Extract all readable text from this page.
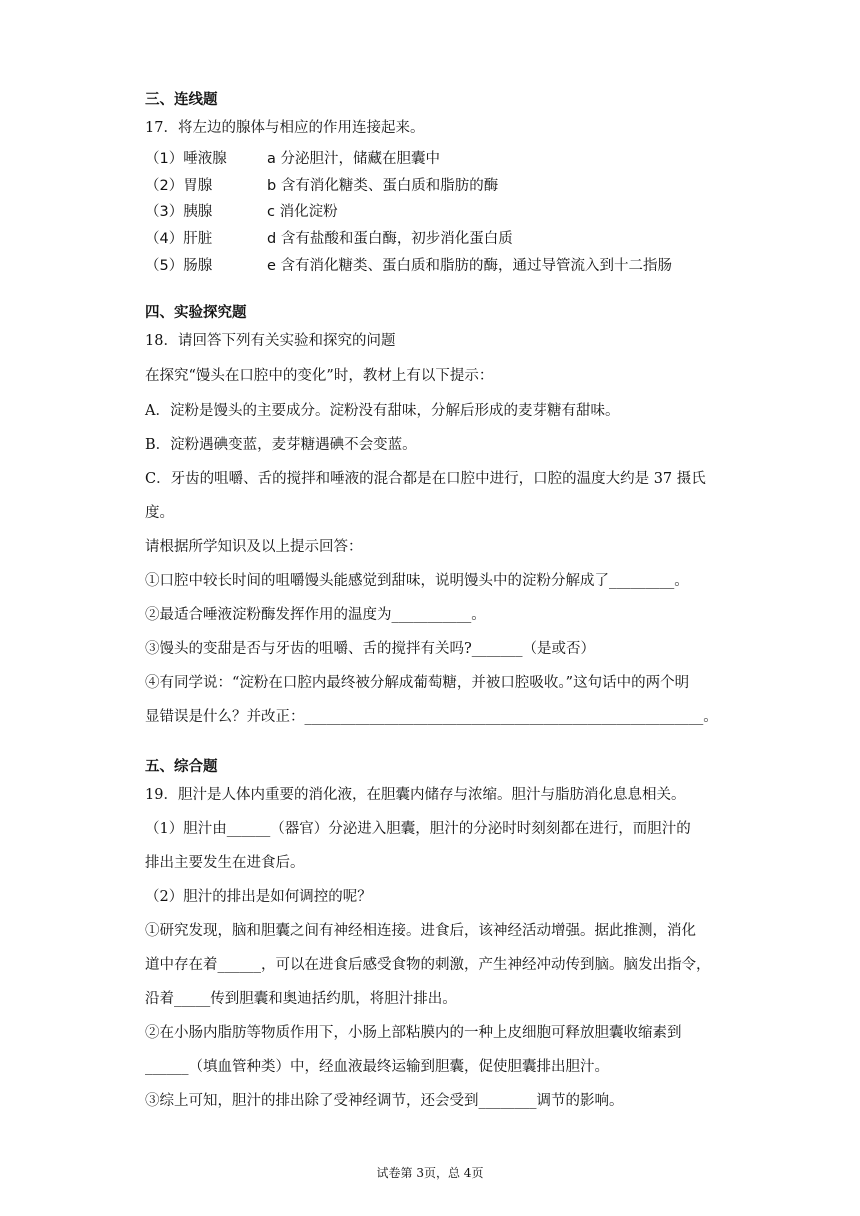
三、连线题
17．将左边的腺体与相应的作用连接起来。
（1）唾液腺	a 分泌胆汁，储藏在胆囊中
（2）胃腺	b 含有消化糖类、蛋白质和脂肪的酶
（3）胰腺	c 消化淀粉
（4）肝脏	d 含有盐酸和蛋白酶，初步消化蛋白质
（5）肠腺	e 含有消化糖类、蛋白质和脂肪的酶，通过导管流入到十二指肠
四、实验探究题
18．请回答下列有关实验和探究的问题
在探究“馒头在口腔中的变化”时，教材上有以下提示：
A．淀粉是馒头的主要成分。淀粉没有甜味，分解后形成的麦芽糖有甜味。
B．淀粉遇碘变蓝，麦芽糖遇碘不会变蓝。
C．牙齿的咀嚼、舌的搅拌和唾液的混合都是在口腔中进行，口腔的温度大约是 37 摄氏
度。
请根据所学知识及以上提示回答：
①口腔中较长时间的咀嚼馒头能感觉到甜味，说明馒头中的淀粉分解成了_________。
②最适合唾液淀粉酶发挥作用的温度为___________。
③馒头的变甜是否与牙齿的咀嚼、舌的搅拌有关吗?_______（是或否）
④有同学说：“淀粉在口腔内最终被分解成葡萄糖，并被口腔吸收。”这句话中的两个明
显错误是什么？并改正：_______________________________________________________。
五、综合题
19．胆汁是人体内重要的消化液，在胆囊内储存与浓缩。胆汁与脂肪消化息息相关。
（1）胆汁由______（器官）分泌进入胆囊，胆汁的分泌时时刻刻都在进行，而胆汁的
排出主要发生在进食后。
（2）胆汁的排出是如何调控的呢？
①研究发现，脑和胆囊之间有神经相连接。进食后，该神经活动增强。据此推测，消化
道中存在着______，可以在进食后感受食物的刺激，产生神经冲动传到脑。脑发出指令，
沿着_____传到胆囊和奥迪括约肌，将胆汁排出。
②在小肠内脂肪等物质作用下，小肠上部粘膜内的一种上皮细胞可释放胆囊收缩素到
______（填血管种类）中，经血液最终运输到胆囊，促使胆囊排出胆汁。
③综上可知，胆汁的排出除了受神经调节，还会受到________调节的影响。
试卷第 3页，总 4页
